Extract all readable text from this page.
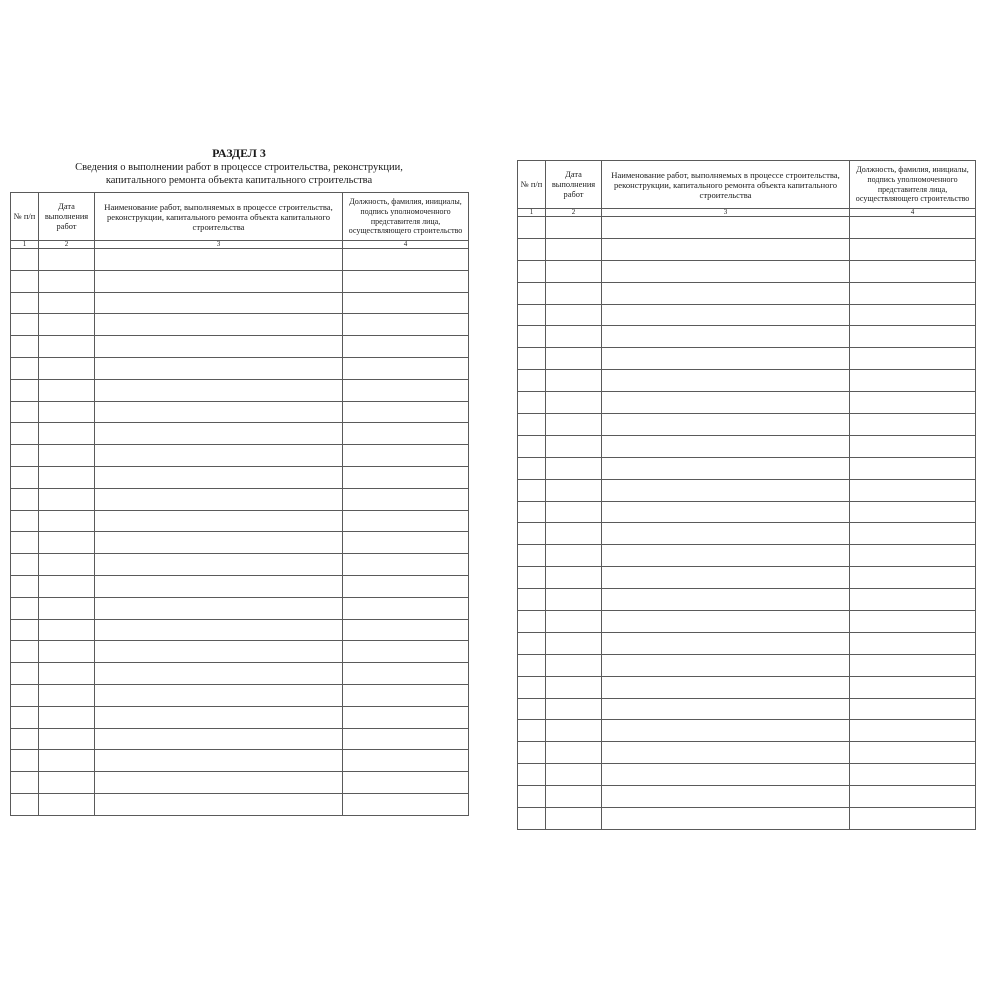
РАЗДЕЛ 3
Сведения о выполнении работ в процессе строительства, реконструкции, капитального ремонта объекта капитального строительства
№ п/п	Дата выполнения работ	Наименование работ, выполняемых в процессе строительства, реконструкции, капитального ремонта объекта капитального строительства	Должность, фамилия, инициалы, подпись уполномоченного представителя лица, осуществляющего строительство
1	2	3	4

№ п/п	Дата выполнения работ	Наименование работ, выполняемых в процессе строительства, реконструкции, капитального ремонта объекта капитального строительства	Должность, фамилия, инициалы, подпись уполномоченного представителя лица, осуществляющего строительство
1	2	3	4
